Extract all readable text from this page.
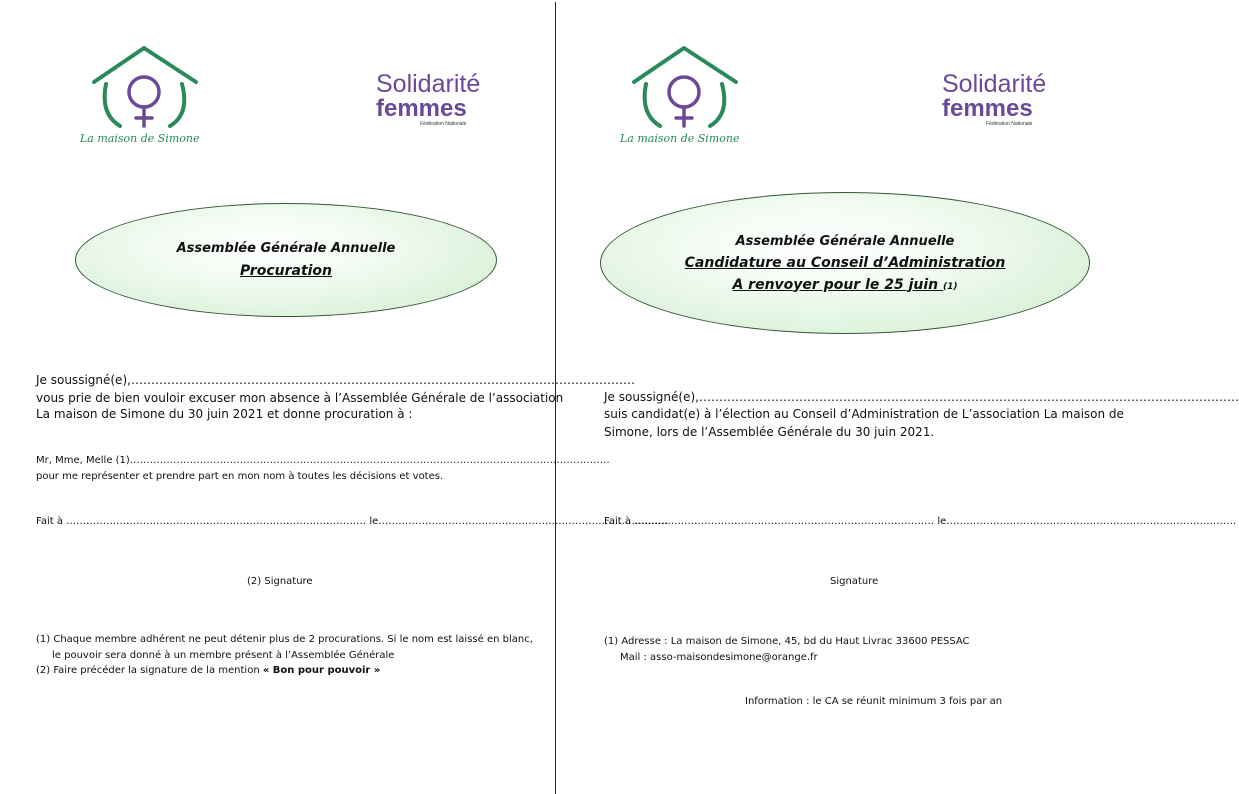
La maison de Simone
Solidarité
femmes
Fédération Nationale
Assemblée Générale Annuelle
Procuration
Je soussigné(e),………………………………………………………………………………………………………………
vous prie de bien vouloir excuser mon absence à l’Assemblée Générale de l’association
La maison de Simone du 30 juin 2021 et donne procuration à :
Mr, Mme, Melle (1)………………………………………………………………………………………………………………………………
pour me représenter et prendre part en mon nom à toutes les décisions et votes.
Fait à ……………………………………………………………………………… le……………………………………………………………………………
(2) Signature
(1) Chaque membre adhérent ne peut détenir plus de 2 procurations. Si le nom est laissé en blanc,
le pouvoir sera donné à un membre présent à l’Assemblée Générale
(2) Faire précéder la signature de la mention « Bon pour pouvoir »
La maison de Simone
Solidarité
femmes
Fédération Nationale
Assemblée Générale Annuelle
Candidature au Conseil d’Administration
A renvoyer pour le 25 juin (1)
Je soussigné(e),………………………………………………………………………………………………………………………
suis candidat(e) à l’élection au Conseil d’Administration de L’association La maison de
Simone, lors de l’Assemblée Générale du 30 juin 2021.
Fait à ……………………………………………………………………………… le……………………………………………………………………………
Signature
(1) Adresse : La maison de Simone, 45, bd du Haut Livrac 33600 PESSAC
Mail : asso-maisondesimone@orange.fr
Information : le CA se réunit minimum 3 fois par an
